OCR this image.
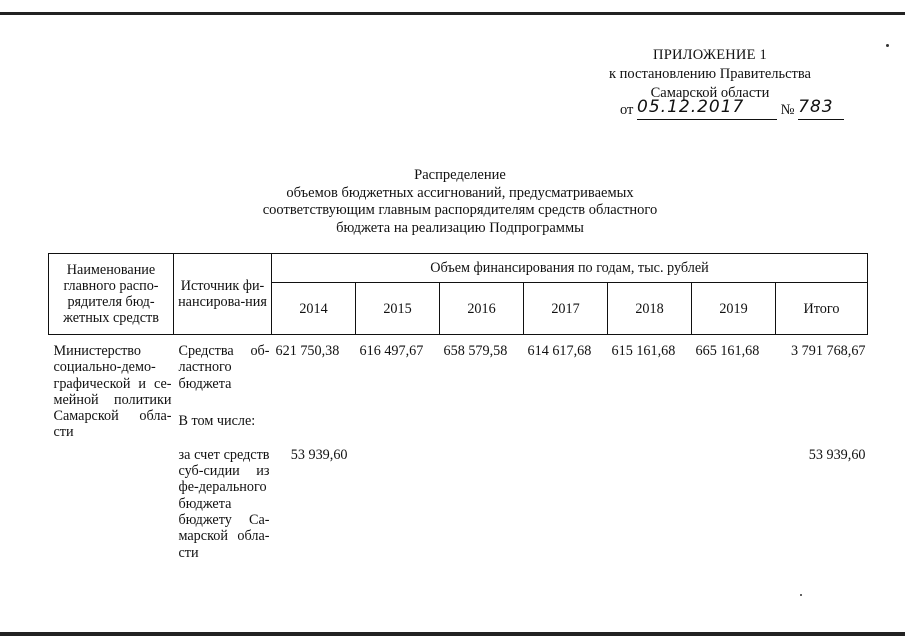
ПРИЛОЖЕНИЕ 1
к постановлению Правительства
Самарской области
от 05.12.2017	№ 783
Распределение
объемов бюджетных ассигнований, предусматриваемых
соответствующим главным распорядителям средств областного
бюджета на реализацию Подпрограммы
Наименование главного распо-рядителя бюд-жетных средств	Источник фи-нансирова-ния	Объем финансирования по годам, тыс. рублей						
		2014	2015	2016	2017	2018	2019	Итого
Министерство социально-демо-графической и се-мейной политики Самарской обла-сти	Средства об-ластного бюджета	621 750,38	616 497,67	658 579,58	614 617,68	615 161,68	665 161,68	3 791 768,67
	В том числе:							
	за счет средств суб-сидии из фе-дерального бюджета бюджету Са-марской обла-сти	53 939,60						53 939,60
